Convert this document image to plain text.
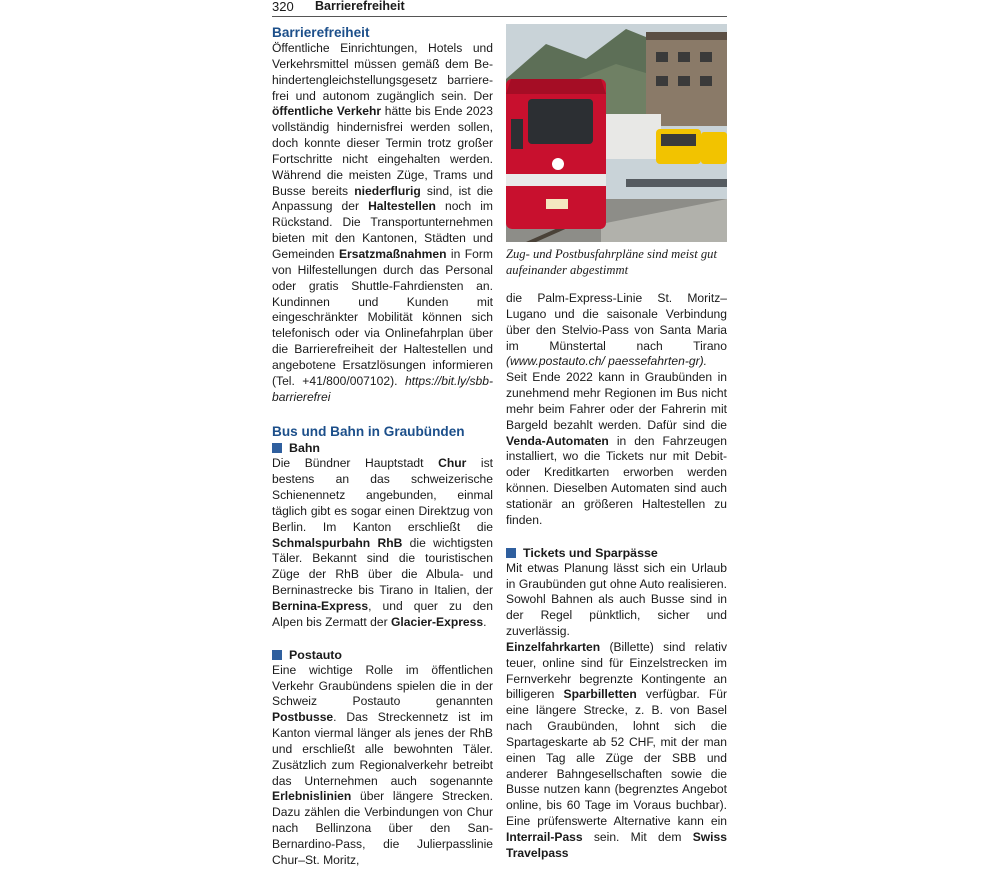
320 Barrierefreiheit
Barrierefreiheit

Öffentliche Einrichtungen, Hotels und Verkehrsmittel müssen gemäß dem Behindertengleichstellungsgesetz barrierefrei und autonom zugänglich sein. Der öffentliche Verkehr hätte bis Ende 2023 vollständig hindernisfrei werden sollen, doch konnte dieser Termin trotz großer Fortschritte nicht eingehalten werden. Während die meisten Züge, Trams und Busse bereits niederflurig sind, ist die Anpassung der Haltestellen noch im Rückstand. Die Transportunternehmen bieten mit den Kantonen, Städten und Gemeinden Ersatzmaßnahmen in Form von Hilfestellungen durch das Personal oder gratis Shuttle-Fahrdiensten an. Kundinnen und Kunden mit eingeschränkter Mobilität können sich telefonisch oder via Onlinefahrplan über die Barrierefreiheit der Haltestellen und angebotene Ersatzlösungen informieren (Tel. +41/800/007102). https://bit.ly/sbb-barrierefrei

Bus und Bahn in Graubünden
Bahn

Die Bündner Hauptstadt Chur ist bestens an das schweizerische Schienennetz angebunden, einmal täglich gibt es sogar einen Direktzug von Berlin. Im Kanton erschließt die Schmalspurbahn RhB die wichtigsten Täler. Bekannt sind die touristischen Züge der RhB über die Albula- und Berninastrecke bis Tirano in Italien, der Bernina-Express, und quer zu den Alpen bis Zermatt der Glacier-Express.

Postauto

Eine wichtige Rolle im öffentlichen Verkehr Graubündens spielen die in der Schweiz Postauto genannten Postbusse. Das Streckennetz ist im Kanton viermal länger als jenes der RhB und erschließt alle bewohnten Täler. Zusätzlich zum Regionalverkehr betreibt das Unternehmen auch sogenannte Erlebnislinien über längere Strecken. Dazu zählen die Verbindungen von Chur nach Bellinzona über den San-Bernardino-Pass, die Julierpasslinie Chur–St. Moritz,

Zug- und Postbusfahrpläne sind meist gut aufeinander abgestimmt

die Palm-Express-Linie St. Moritz–Lugano und die saisonale Verbindung über den Stelvio-Pass von Santa Maria im Münstertal nach Tirano (www.postauto.ch/ paessefahrten-gr).

Seit Ende 2022 kann in Graubünden in zunehmend mehr Regionen im Bus nicht mehr beim Fahrer oder der Fahrerin mit Bargeld bezahlt werden. Dafür sind die Venda-Automaten in den Fahrzeugen installiert, wo die Tickets nur mit Debit- oder Kreditkarten erworben werden können. Dieselben Automaten sind auch stationär an größeren Haltestellen zu finden.

Tickets und Sparpässe

Mit etwas Planung lässt sich ein Urlaub in Graubünden gut ohne Auto realisieren. Sowohl Bahnen als auch Busse sind in der Regel pünktlich, sicher und zuverlässig.

Einzelfahrkarten (Billette) sind relativ teuer, online sind für Einzelstrecken im Fernverkehr begrenzte Kontingente an billigeren Sparbilletten verfügbar. Für eine längere Strecke, z. B. von Basel nach Graubünden, lohnt sich die Spartageskarte ab 52 CHF, mit der man einen Tag alle Züge der SBB und anderer Bahngesellschaften sowie die Busse nutzen kann (begrenztes Angebot online, bis 60 Tage im Voraus buchbar). Eine prüfenswerte Alternative kann ein Interrail-Pass sein. Mit dem Swiss Travelpass
